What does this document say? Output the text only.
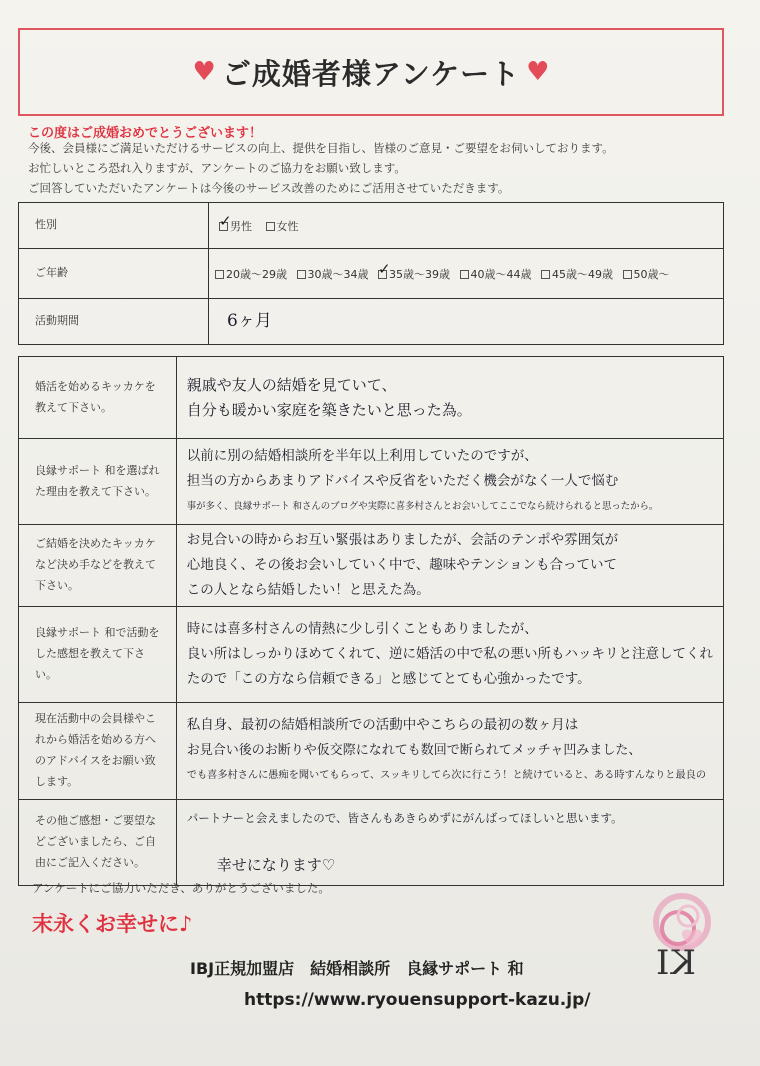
♥ ご成婚者様アンケート ♥
この度はご成婚おめでとうございます！
今後、会員様にご満足いただけるサービスの向上、提供を目指し、皆様のご意見・ご要望をお伺いしております。
お忙しいところ恐れ入りますが、アンケートのご協力をお願い致します。
ご回答していただいたアンケートは今後のサービス改善のためにご活用させていただきます。
性別	✓男性 女性
ご年齢	20歳～29歳 30歳～34歳 ✓ 35歳～39歳 40歳～44歳 45歳～49歳 50歳～
活動期間	6ヶ月
婚活を始めるキッカケを教えて下さい。	親戚や友人の結婚を見ていて、
自分も暖かい家庭を築きたいと思った為。

良縁サポート 和を選ばれた理由を教えて下さい。	以前に別の結婚相談所を半年以上利用していたのですが、
担当の方からあまりアドバイスや反省をいただく機会がなく一人で悩む
事が多く、良縁サポート 和さんのブログや実際に喜多村さんとお会いしてここでなら続けられると思ったから。

ご結婚を決めたキッカケなど決め手などを教えて下さい。	お見合いの時からお互い緊張はありましたが、会話のテンポや雰囲気が
心地良く、その後お会いしていく中で、趣味やテンションも合っていて
この人となら結婚したい！と思えた為。

良縁サポート 和で活動をした感想を教えて下さい。	時には喜多村さんの情熱に少し引くこともありましたが、
良い所はしっかりほめてくれて、逆に婚活の中で私の悪い所もハッキリと注意してくれ
たので「この方なら信頼できる」と感じてとても心強かったです。

現在活動中の会員様やこれから婚活を始める方へのアドバイスをお願い致します。	私自身、最初の結婚相談所での活動中やこちらの最初の数ヶ月は
お見合い後のお断りや仮交際になれても数回で断られてメッチャ凹みました、
でも喜多村さんに愚痴を聞いてもらって、スッキリしてら次に行こう！と続けていると、ある時すんなりと最良の

その他ご感想・ご要望などございましたら、ご自由にご記入ください。	パートナーと会えましたので、皆さんもあきらめずにがんばってほしいと思います。
幸せになります♡
アンケートにご協力いただき、ありがとうございました。
末永くお幸せに♪
IBJ正規加盟店　結婚相談所　良縁サポート 和
https://www.ryouensupport-kazu.jp/
I K
